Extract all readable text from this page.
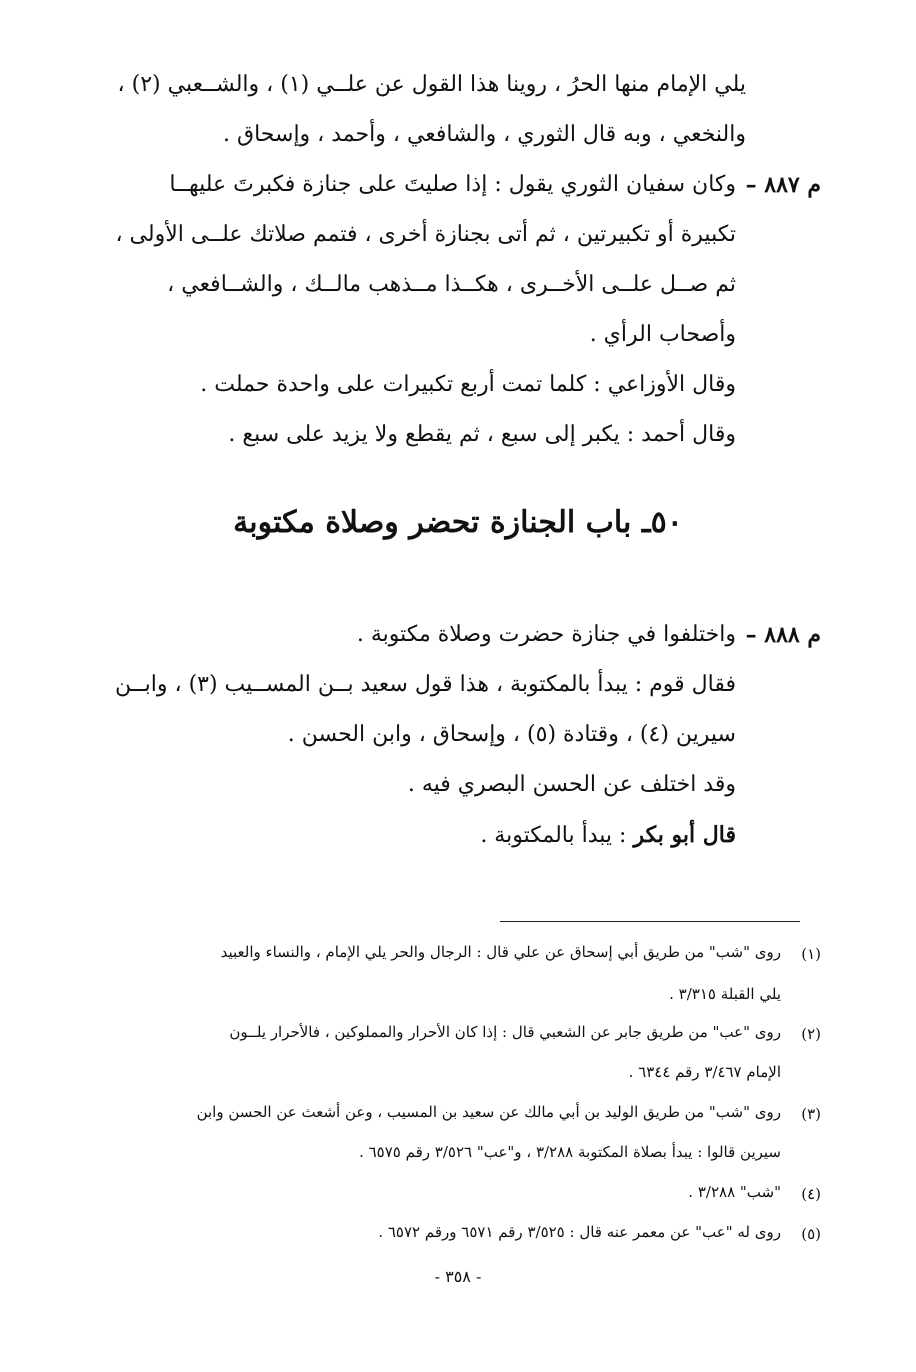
يلي الإمام منها الحرُ ، روينا هذا القول عن علــي (١) ، والشــعبي (٢) ،
والنخعي ، وبه قال الثوري ، والشافعي ، وأحمد ، وإسحاق .
م ٨٨٧ –
وكان سفيان الثوري يقول : إذا صليتَ على جنازة فكبرتَ عليهــا
تكبيرة أو تكبيرتين ، ثم أتى بجنازة أخرى ، فتمم صلاتك علــى الأولى ،
ثم صــل علــى الأخــرى ، هكــذا مــذهب مالــك ، والشــافعي ،
وأصحاب الرأي .
وقال الأوزاعي : كلما تمت أربع تكبيرات على واحدة حملت .
وقال أحمد : يكبر إلى سبع ، ثم يقطع ولا يزيد على سبع .
٥٠ـ باب الجنازة تحضر وصلاة مكتوبة
م ٨٨٨ –
واختلفوا في جنازة حضرت وصلاة مكتوبة .
فقال قوم : يبدأ بالمكتوبة ، هذا قول سعيد بــن المســيب (٣) ، وابــن
سيرين (٤) ، وقتادة (٥) ، وإسحاق ، وابن الحسن .
وقد اختلف عن الحسن البصري فيه .
قال أبو بكر : يبدأ بالمكتوبة .
(١)
روى "شب" من طريق أبي إسحاق عن علي قال : الرجال والحر يلي الإمام ، والنساء والعبيد
يلي القبلة ٣/٣١٥ .
(٢)
روى "عب" من طريق جابر عن الشعبي قال : إذا كان الأحرار والمملوكين ، فالأحرار يلــون
الإمام ٣/٤٦٧ رقم ٦٣٤٤ .
(٣)
روى "شب" من طريق الوليد بن أبي مالك عن سعيد بن المسيب ، وعن أشعث عن الحسن وابن
سيرين قالوا : يبدأ بصلاة المكتوبة ٣/٢٨٨ ، و"عب" ٣/٥٢٦ رقم ٦٥٧٥ .
(٤)
"شب" ٣/٢٨٨ .
(٥)
روى له "عب" عن معمر عنه قال : ٣/٥٢٥ رقم ٦٥٧١ ورقم ٦٥٧٢ .
- ٣٥٨ -
